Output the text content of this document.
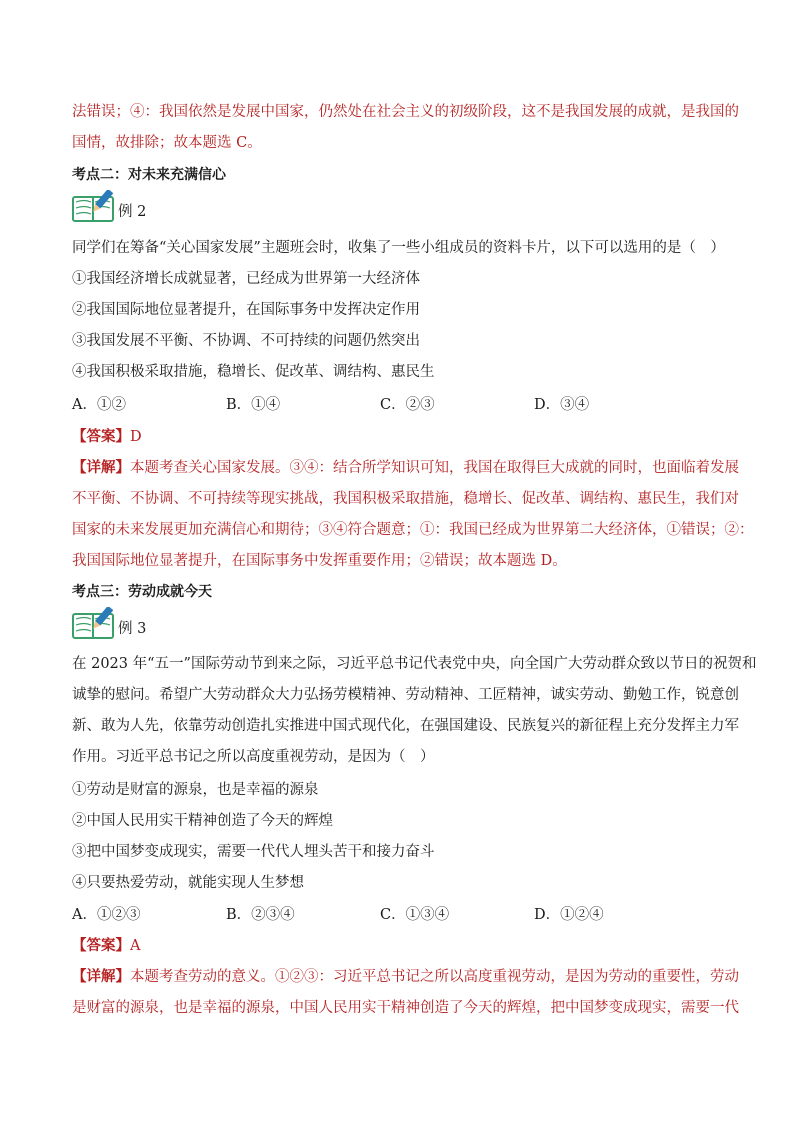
法错误；④：我国依然是发展中国家，仍然处在社会主义的初级阶段，这不是我国发展的成就，是我国的
国情，故排除；故本题选 C。
考点二：对未来充满信心
例 2
同学们在筹备“关心国家发展”主题班会时，收集了一些小组成员的资料卡片，以下可以选用的是（　）
①我国经济增长成就显著，已经成为世界第一大经济体
②我国国际地位显著提升，在国际事务中发挥决定作用
③我国发展不平衡、不协调、不可持续的问题仍然突出
④我国积极采取措施，稳增长、促改革、调结构、惠民生
A．①②	B．①④	C．②③	D．③④
【答案】D
【详解】本题考查关心国家发展。③④：结合所学知识可知，我国在取得巨大成就的同时，也面临着发展
不平衡、不协调、不可持续等现实挑战，我国积极采取措施，稳增长、促改革、调结构、惠民生，我们对
国家的未来发展更加充满信心和期待；③④符合题意；①：我国已经成为世界第二大经济体，①错误；②：
我国国际地位显著提升，在国际事务中发挥重要作用；②错误；故本题选 D。
考点三：劳动成就今天
例 3
在 2023 年“五一”国际劳动节到来之际，习近平总书记代表党中央，向全国广大劳动群众致以节日的祝贺和
诚挚的慰问。希望广大劳动群众大力弘扬劳模精神、劳动精神、工匠精神，诚实劳动、勤勉工作，锐意创
新、敢为人先，依靠劳动创造扎实推进中国式现代化，在强国建设、民族复兴的新征程上充分发挥主力军
作用。习近平总书记之所以高度重视劳动，是因为（　）
①劳动是财富的源泉，也是幸福的源泉
②中国人民用实干精神创造了今天的辉煌
③把中国梦变成现实，需要一代代人埋头苦干和接力奋斗
④只要热爱劳动，就能实现人生梦想
A．①②③	B．②③④	C．①③④	D．①②④
【答案】A
【详解】本题考查劳动的意义。①②③：习近平总书记之所以高度重视劳动，是因为劳动的重要性，劳动
是财富的源泉，也是幸福的源泉，中国人民用实干精神创造了今天的辉煌，把中国梦变成现实，需要一代
